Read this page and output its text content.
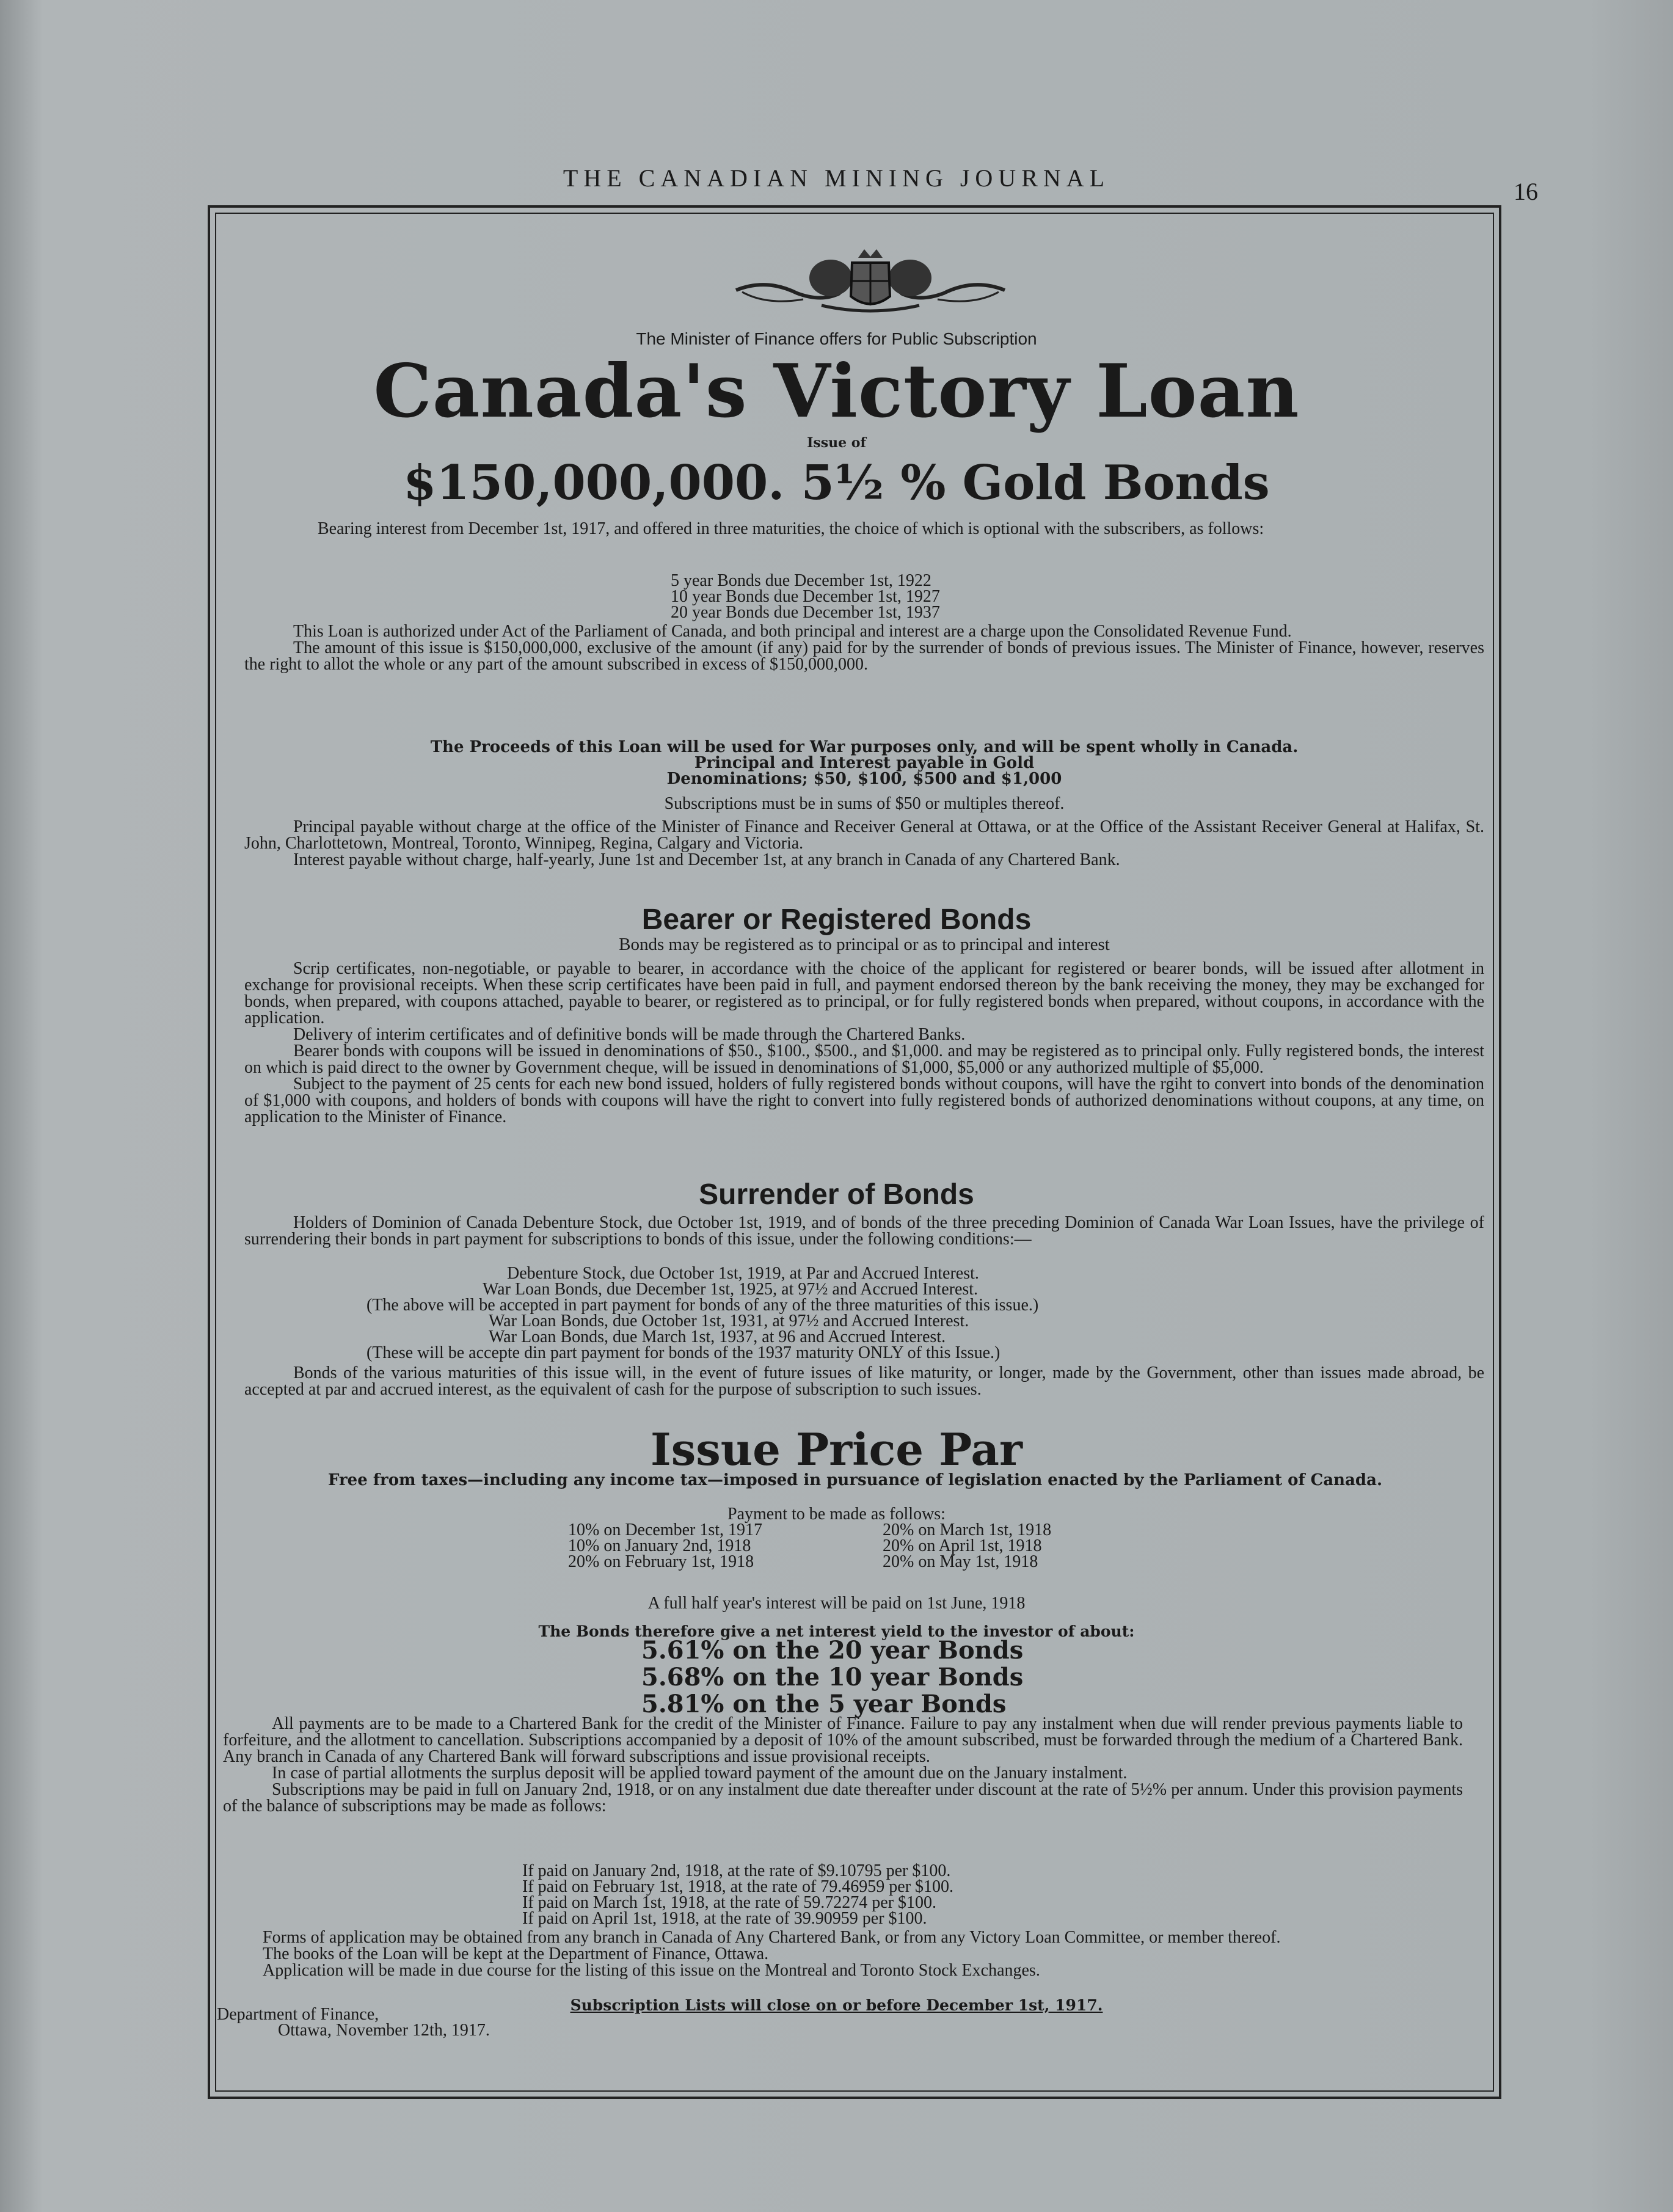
THE CANADIAN MINING JOURNAL	16
The Minister of Finance offers for Public Subscription
Canada's Victory Loan
Issue of
$150,000,000. 5½ % Gold Bonds
Bearing interest from December 1st, 1917, and offered in three maturities, the choice of which is optional with the subscribers, as follows:
5 year Bonds due December 1st, 1922
10 year Bonds due December 1st, 1927
20 year Bonds due December 1st, 1937
This Loan is authorized under Act of the Parliament of Canada, and both principal and interest are a charge upon the Consolidated Revenue Fund.
The amount of this issue is $150,000,000, exclusive of the amount (if any) paid for by the surrender of bonds of previous issues. The Minister of Finance, however, reserves the right to allot the whole or any part of the amount subscribed in excess of $150,000,000.
The Proceeds of this Loan will be used for War purposes only, and will be spent wholly in Canada.
Principal and Interest payable in Gold
Denominations; $50, $100, $500 and $1,000
Subscriptions must be in sums of $50 or multiples thereof.
Principal payable without charge at the office of the Minister of Finance and Receiver General at Ottawa, or at the Office of the Assistant Receiver General at Halifax, St. John, Charlottetown, Montreal, Toronto, Winnipeg, Regina, Calgary and Victoria.
Interest payable without charge, half-yearly, June 1st and December 1st, at any branch in Canada of any Chartered Bank.
Bearer or Registered Bonds
Bonds may be registered as to principal or as to principal and interest
Scrip certificates, non-negotiable, or payable to bearer, in accordance with the choice of the applicant for registered or bearer bonds, will be issued after allotment in exchange for provisional receipts. When these scrip certificates have been paid in full, and payment endorsed thereon by the bank receiving the money, they may be exchanged for bonds, when prepared, with coupons attached, payable to bearer, or registered as to principal, or for fully registered bonds when prepared, without coupons, in accordance with the application.
Delivery of interim certificates and of definitive bonds will be made through the Chartered Banks.
Bearer bonds with coupons will be issued in denominations of $50., $100., $500., and $1,000. and may be registered as to principal only. Fully registered bonds, the interest on which is paid direct to the owner by Government cheque, will be issued in denominations of $1,000, $5,000 or any authorized multiple of $5,000.
Subject to the payment of 25 cents for each new bond issued, holders of fully registered bonds without coupons, will have the rgiht to convert into bonds of the denomination of $1,000 with coupons, and holders of bonds with coupons will have the right to convert into fully registered bonds of authorized denominations without coupons, at any time, on application to the Minister of Finance.
Surrender of Bonds
Holders of Dominion of Canada Debenture Stock, due October 1st, 1919, and of bonds of the three preceding Dominion of Canada War Loan Issues, have the privilege of surrendering their bonds in part payment for subscriptions to bonds of this issue, under the following conditions:—
Debenture Stock, due October 1st, 1919, at Par and Accrued Interest.
War Loan Bonds, due December 1st, 1925, at 97½ and Accrued Interest.
(The above will be accepted in part payment for bonds of any of the three maturities of this issue.)
War Loan Bonds, due October 1st, 1931, at 97½ and Accrued Interest.
War Loan Bonds, due March 1st, 1937, at 96 and Accrued Interest.
(These will be accepte din part payment for bonds of the 1937 maturity ONLY of this Issue.)
Bonds of the various maturities of this issue will, in the event of future issues of like maturity, or longer, made by the Government, other than issues made abroad, be accepted at par and accrued interest, as the equivalent of cash for the purpose of subscription to such issues.
Issue Price Par
Free from taxes—including any income tax—imposed in pursuance of legislation enacted by the Parliament of Canada.
Payment to be made as follows:
10% on December 1st, 1917
10% on January 2nd, 1918
20% on February 1st, 1918
20% on March 1st, 1918
20% on April 1st, 1918
20% on May 1st, 1918
A full half year's interest will be paid on 1st June, 1918
The Bonds therefore give a net interest yield to the investor of about:
5.61% on the 20 year Bonds
5.68% on the 10 year Bonds
5.81% on the 5 year Bonds
All payments are to be made to a Chartered Bank for the credit of the Minister of Finance. Failure to pay any instalment when due will render previous payments liable to forfeiture, and the allotment to cancellation. Subscriptions accompanied by a deposit of 10% of the amount subscribed, must be forwarded through the medium of a Chartered Bank. Any branch in Canada of any Chartered Bank will forward subscriptions and issue provisional receipts.
In case of partial allotments the surplus deposit will be applied toward payment of the amount due on the January instalment.
Subscriptions may be paid in full on January 2nd, 1918, or on any instalment due date thereafter under discount at the rate of 5½% per annum. Under this provision payments of the balance of subscriptions may be made as follows:
If paid on January 2nd, 1918, at the rate of $9.10795 per $100.
If paid on February 1st, 1918, at the rate of 79.46959 per $100.
If paid on March 1st, 1918, at the rate of 59.72274 per $100.
If paid on April 1st, 1918, at the rate of 39.90959 per $100.
Forms of application may be obtained from any branch in Canada of Any Chartered Bank, or from any Victory Loan Committee, or member thereof.
The books of the Loan will be kept at the Department of Finance, Ottawa.
Application will be made in due course for the listing of this issue on the Montreal and Toronto Stock Exchanges.
Subscription Lists will close on or before December 1st, 1917.
Department of Finance,
Ottawa, November 12th, 1917.
